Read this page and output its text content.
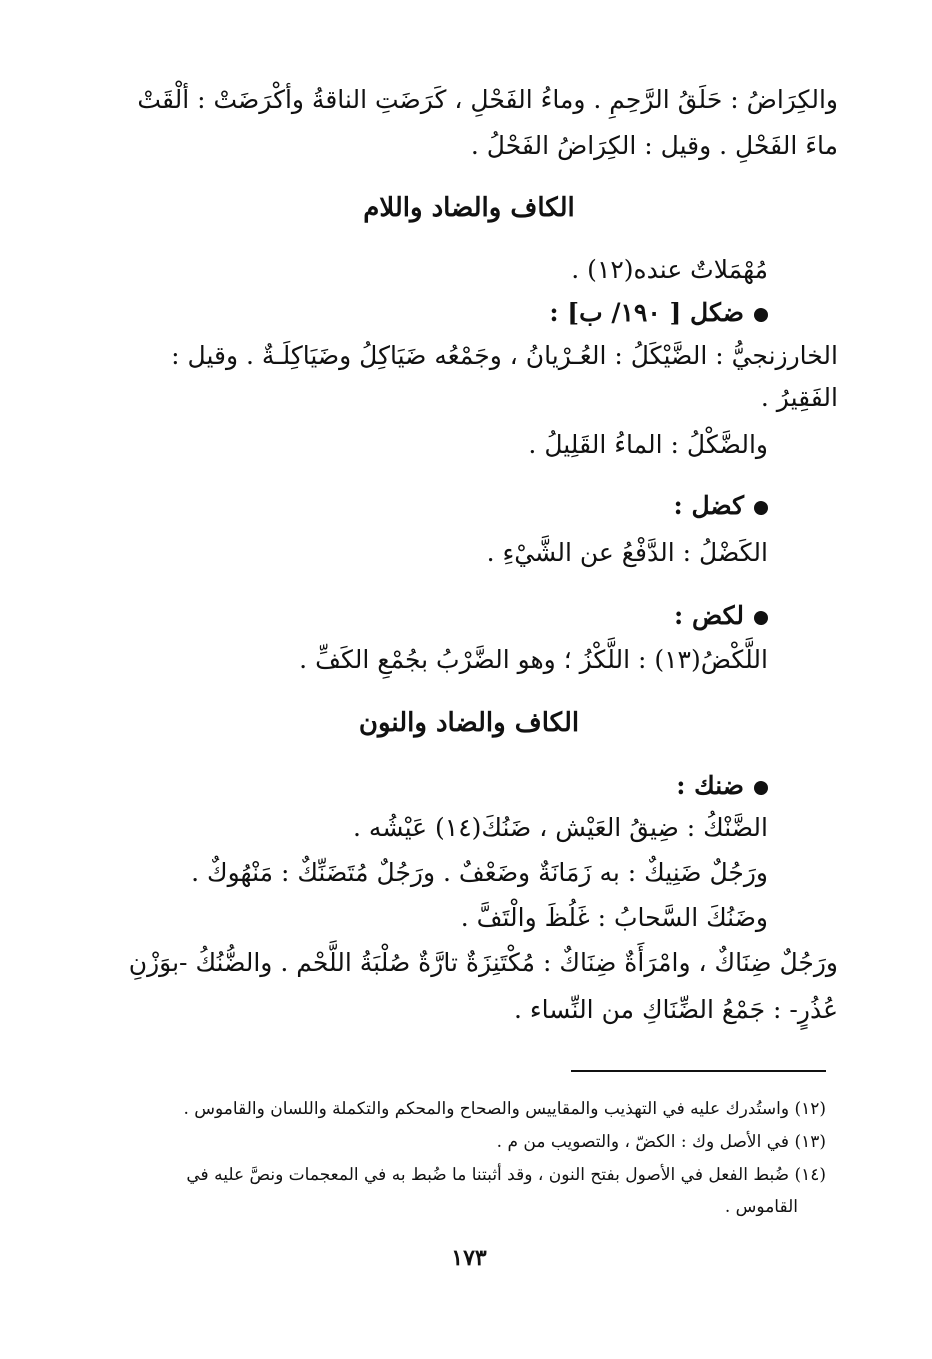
والكِرَاضُ : حَلَقُ الرَّحِمِ . وماءُ الفَحْلِ ، كَرَضَتِ الناقةُ وأكْرَضَتْ : ألْقَتْ
ماءَ الفَحْلِ . وقيل : الكِرَاضُ الفَحْلُ .
الكاف والضاد واللام
مُهْمَلاتٌ عنده(١٢) .
ضكل [ ١٩٠/ ب] :
الخارزنجيُّ : الضَّيْكَلُ : العُـرْيانُ ، وجَمْعُه ضَيَاكِلُ وضَيَاكِلَـةٌ . وقيل :
الفَقِيرُ .
والضَّكْلُ : الماءُ القَلِيلُ .
كضل :
الكَضْلُ : الدَّفْعُ عن الشَّيْءِ .
لكض :
اللَّكْضُ(١٣) : اللَّكْزُ ؛ وهو الضَّرْبُ بجُمْعِ الكَفِّ .
الكاف والضاد والنون
ضنك :
الضَّنْكُ : ضِيقُ العَيْش ، ضَنُكَ(١٤) عَيْشُه .
ورَجُلٌ ضَنِيكٌ : به زَمَانَةٌ وضَعْفٌ . ورَجُلٌ مُتَضَنِّكٌ : مَنْهُوكٌ .
وضَنُكَ السَّحابُ : غَلُظَ والْتَفَّ .
ورَجُلٌ ضِنَاكٌ ، وامْرَأَةٌ ضِنَاكٌ : مُكْتَنِزَةٌ تارَّةٌ صُلْبَةُ اللَّحْم . والضُّنُكُ -بوَزْنِ
عُذُرٍ- : جَمْعُ الضِّنَاكِ من النِّساء .
(١٢) واستُدرك عليه في التهذيب والمقاييس والصحاح والمحكم والتكملة واللسان والقاموس .
(١٣) في الأصل وك : الكضّ ، والتصويب من م .
(١٤) ضُبط الفعل في الأصول بفتح النون ، وقد أثبتنا ما ضُبط به في المعجمات ونصَّ عليه في
القاموس .
١٧٣
